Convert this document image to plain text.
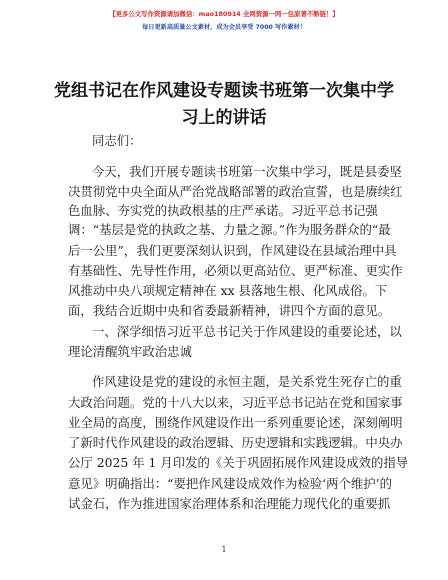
【更多公文写作资源请加微信：mao180914 全网资源一网一包原著不断链！】
每日更新高质量公文素材，成为会员享受 7000 写作素材！
党组书记在作风建设专题读书班第一次集中学
习上的讲话
同志们：
今天，我们开展专题读书班第一次集中学习，既是县委坚
决贯彻党中央全面从严治党战略部署的政治宣誓，也是赓续红
色血脉、夯实党的执政根基的庄严承诺。习近平总书记强
调：“基层是党的执政之基、力量之源。”作为服务群众的“最
后一公里”，我们更要深刻认识到，作风建设在县域治理中具
有基础性、先导性作用，必须以更高站位、更严标准、更实作
风推动中央八项规定精神在 xx 县落地生根、化风成俗。下
面，我结合近期中央和省委最新精神，讲四个方面的意见。
一、深学细悟习近平总书记关于作风建设的重要论述，以
理论清醒筑牢政治忠诚
作风建设是党的建设的永恒主题，是关系党生死存亡的重
大政治问题。党的十八大以来，习近平总书记站在党和国家事
业全局的高度，围绕作风建设作出一系列重要论述，深刻阐明
了新时代作风建设的政治逻辑、历史逻辑和实践逻辑。中央办
公厅 2025 年 1 月印发的《关于巩固拓展作风建设成效的指导
意见》明确指出：“要把作风建设成效作为检验‘两个维护’的
试金石，作为推进国家治理体系和治理能力现代化的重要抓
1
